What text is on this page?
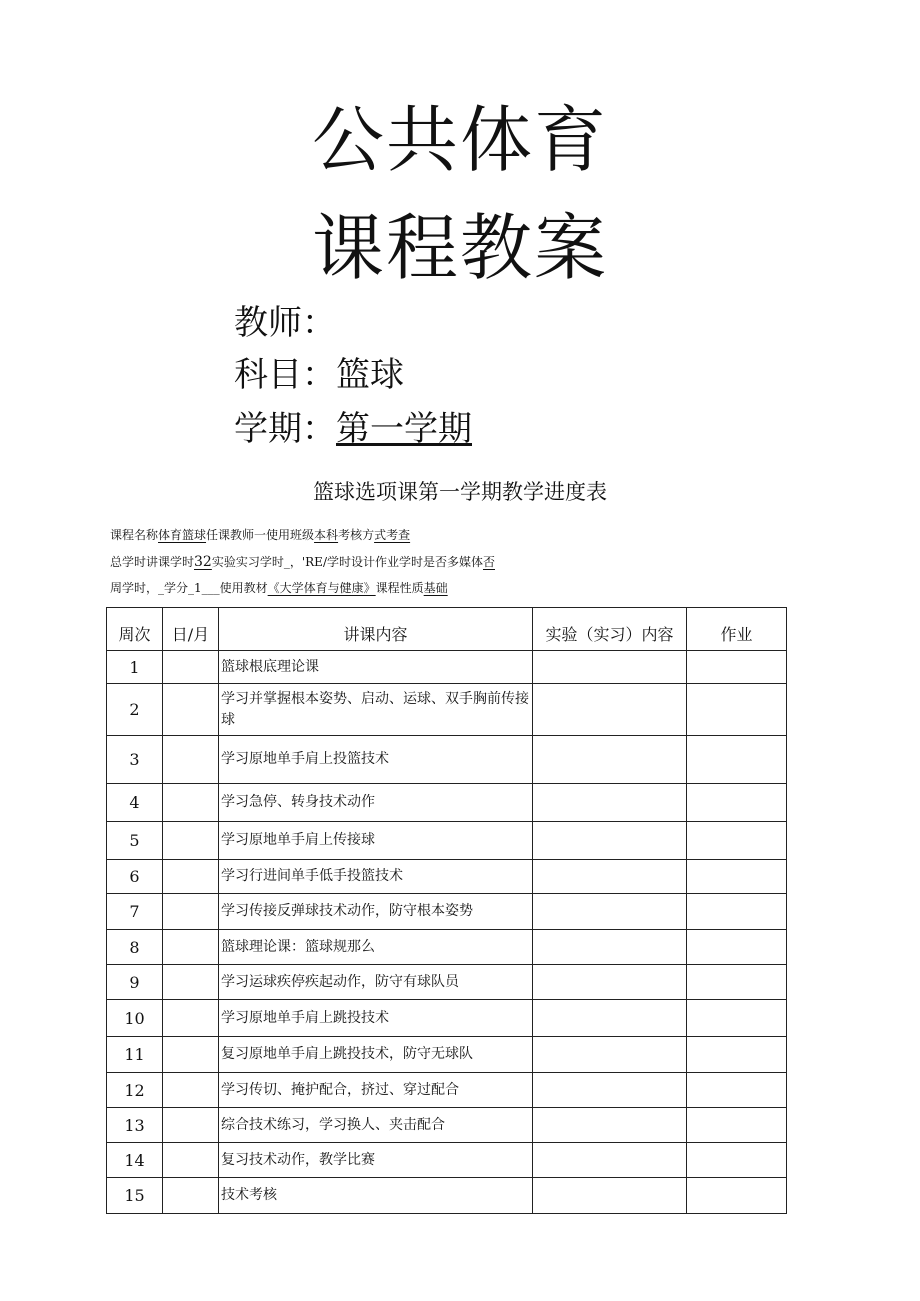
公共体育
课程教案
教师：
科目：篮球
学期：第一学期
篮球选项课第一学期教学进度表
课程名称体育篮球任课教师一使用班级本科考核方式考查
总学时讲课学时32实验实习学时_，'RE/学时设计作业学时是否多媒体否
周学时，_学分_1___使用教材《大学体育与健康》课程性质基础
周次	日/月	讲课内容	实验（实习）内容	作业
1		篮球根底理论课		
2		学习并掌握根本姿势、启动、运球、双手胸前传接球		
3		学习原地单手肩上投篮技术		
4		学习急停、转身技术动作		
5		学习原地单手肩上传接球		
6		学习行进间单手低手投篮技术		
7		学习传接反弹球技术动作，防守根本姿势		
8		篮球理论课：篮球规那么		
9		学习运球疾停疾起动作，防守有球队员		
10		学习原地单手肩上跳投技术		
11		复习原地单手肩上跳投技术，防守无球队		
12		学习传切、掩护配合，挤过、穿过配合		
13		综合技术练习，学习换人、夹击配合		
14		复习技术动作，教学比赛		
15		技术考核		
